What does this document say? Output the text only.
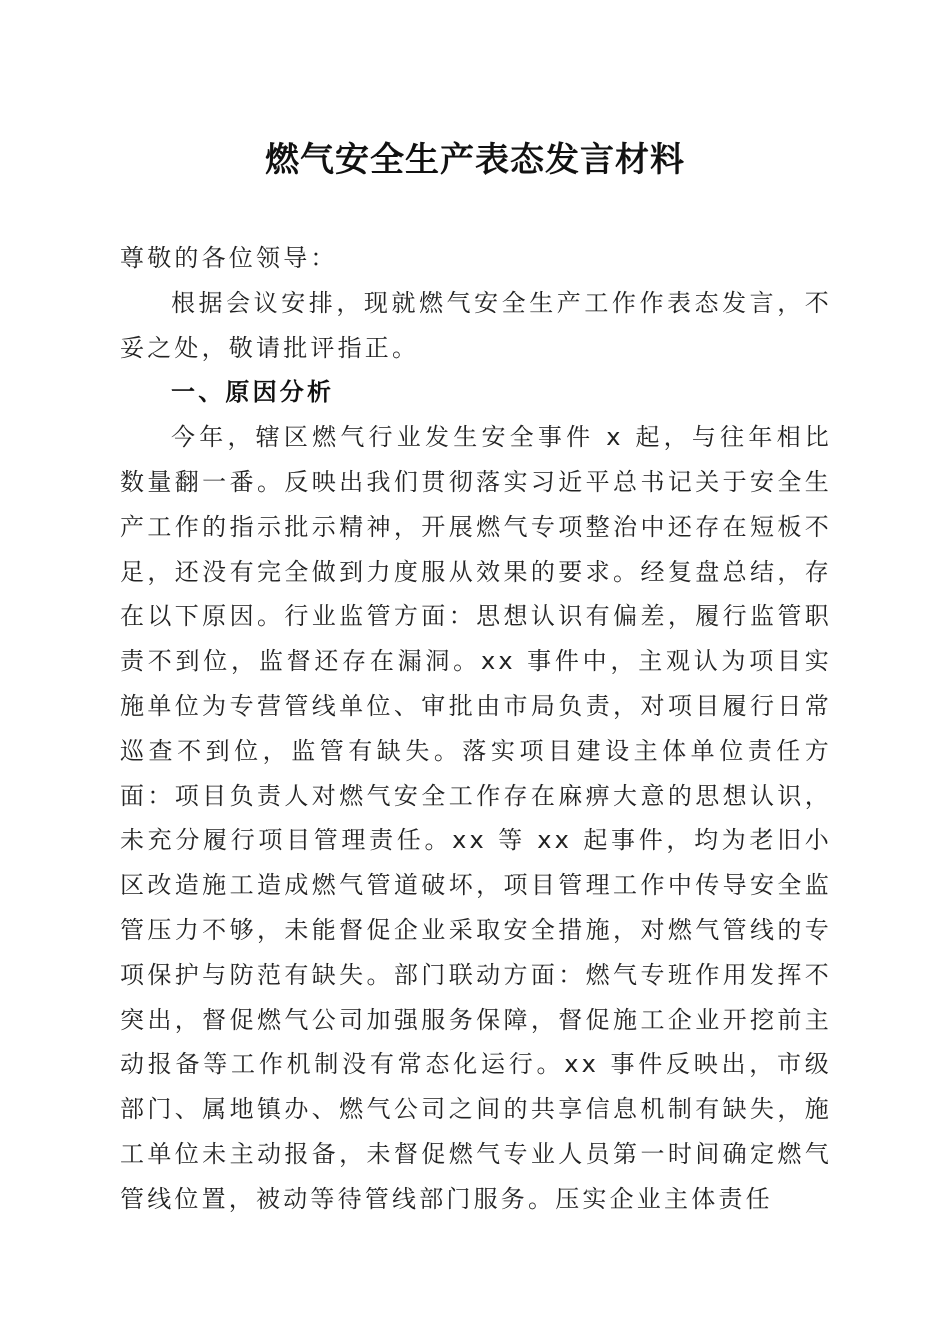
燃气安全生产表态发言材料

尊敬的各位领导：

根据会议安排，现就燃气安全生产工作作表态发言，不妥之处，敬请批评指正。

一、原因分析

今年，辖区燃气行业发生安全事件 x 起，与往年相比数量翻一番。反映出我们贯彻落实习近平总书记关于安全生产工作的指示批示精神，开展燃气专项整治中还存在短板不足，还没有完全做到力度服从效果的要求。经复盘总结，存在以下原因。行业监管方面：思想认识有偏差，履行监管职责不到位，监督还存在漏洞。xx 事件中，主观认为项目实施单位为专营管线单位、审批由市局负责，对项目履行日常巡查不到位，监管有缺失。落实项目建设主体单位责任方面：项目负责人对燃气安全工作存在麻痹大意的思想认识，未充分履行项目管理责任。xx 等 xx 起事件，均为老旧小区改造施工造成燃气管道破坏，项目管理工作中传导安全监管压力不够，未能督促企业采取安全措施，对燃气管线的专项保护与防范有缺失。部门联动方面：燃气专班作用发挥不突出，督促燃气公司加强服务保障，督促施工企业开挖前主动报备等工作机制没有常态化运行。xx 事件反映出，市级部门、属地镇办、燃气公司之间的共享信息机制有缺失，施工单位未主动报备，未督促燃气专业人员第一时间确定燃气管线位置，被动等待管线部门服务。压实企业主体责任
